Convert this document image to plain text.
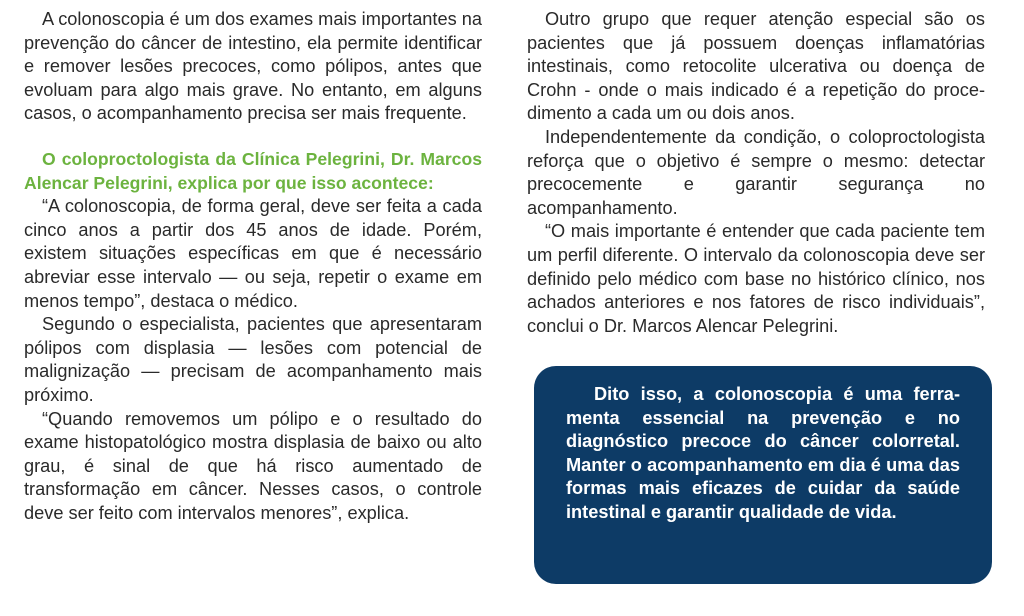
A colonoscopia é um dos exames mais importantes na prevenção do câncer de intestino, ela permite identificar e remover lesões precoces, como pólipos, antes que evoluam para algo mais grave. No entanto, em alguns casos, o acompanhamento precisa ser mais frequente.

O coloproctologista da Clínica Pelegrini, Dr. Marcos Alencar Pelegrini, explica por que isso acontece:

“A colonoscopia, de forma geral, deve ser feita a cada cinco anos a partir dos 45 anos de idade. Porém, existem situações específicas em que é necessário abreviar esse intervalo — ou seja, repetir o exame em menos tempo”, destaca o médico.

Segundo o especialista, pacientes que apresentaram pólipos com displasia — lesões com potencial de malignização — precisam de acompanhamento mais próximo.

“Quando removemos um pólipo e o resultado do exame histopatológico mostra displasia de baixo ou alto grau, é sinal de que há risco aumentado de transformação em câncer. Nesses casos, o controle deve ser feito com intervalos menores”, explica.

Outro grupo que requer atenção especial são os pacientes que já possuem doenças inflamatórias intestinais, como retocolite ulcerativa ou doença de Crohn - onde o mais indicado é a repetição do procedimento a cada um ou dois anos.

Independentemente da condição, o coloproctologista reforça que o objetivo é sempre o mesmo: detectar precocemente e garantir segurança no acompanhamento.

“O mais importante é entender que cada paciente tem um perfil diferente. O intervalo da colonoscopia deve ser definido pelo médico com base no histórico clínico, nos achados anteriores e nos fatores de risco individuais”, conclui o Dr. Marcos Alencar Pelegrini.

Dito isso, a colonoscopia é uma ferramenta essencial na prevenção e no diagnóstico precoce do câncer colorretal. Manter o acompanhamento em dia é uma das formas mais eficazes de cuidar da saúde intestinal e garantir qualidade de vida.
